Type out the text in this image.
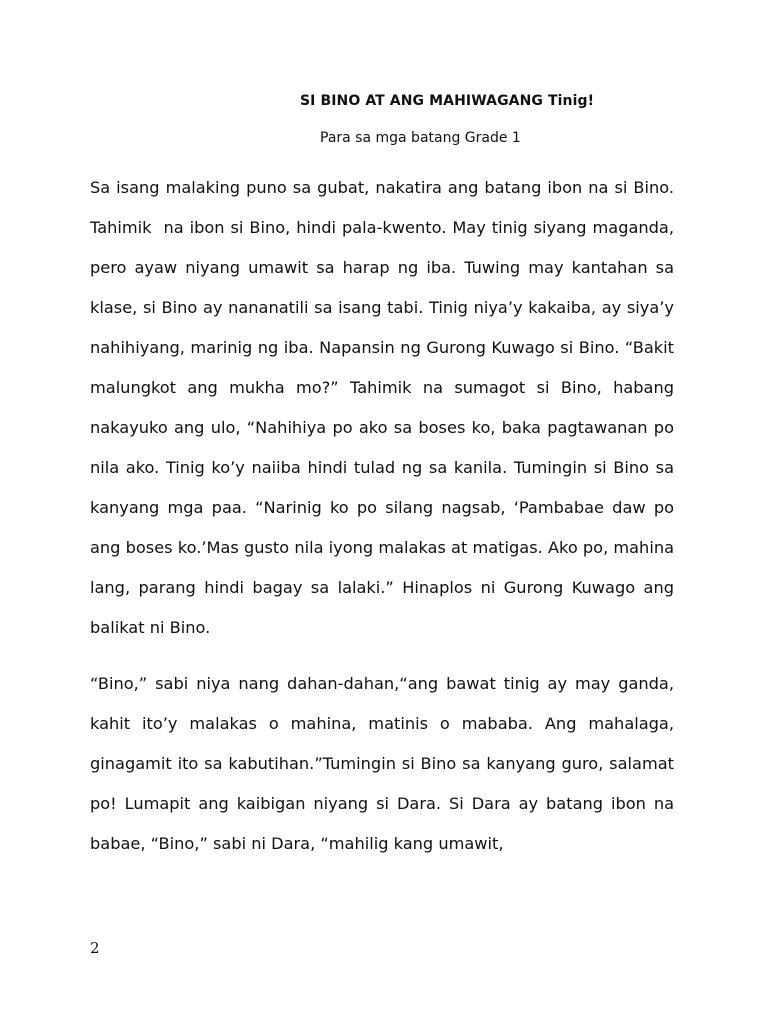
SI BINO AT ANG MAHIWAGANG Tinig!
Para sa mga batang Grade 1

Sa isang malaking puno sa gubat, nakatira ang batang ibon na si Bino. Tahimik  na ibon si Bino, hindi pala-kwento. May tinig siyang maganda, pero ayaw niyang umawit sa harap ng iba. Tuwing may kantahan sa klase, si Bino ay nananatili sa isang tabi. Tinig niya’y kakaiba, ay siya’y nahihiyang, marinig ng iba. Napansin ng Gurong Kuwago si Bino. “Bakit malungkot ang mukha mo?” Tahimik na sumagot si Bino, habang nakayuko ang ulo, “Nahihiya po ako sa boses ko, baka pagtawanan po nila ako. Tinig ko’y naiiba hindi tulad ng sa kanila. Tumingin si Bino sa kanyang mga paa. “Narinig ko po silang nagsab, ‘Pambabae daw po ang boses ko.’Mas gusto nila iyong malakas at matigas. Ako po, mahina lang, parang hindi bagay sa lalaki.” Hinaplos ni Gurong Kuwago ang balikat ni Bino.

“Bino,” sabi niya nang dahan-dahan,“ang bawat tinig ay may ganda, kahit ito’y malakas o mahina, matinis o mababa. Ang mahalaga, ginagamit ito sa kabutihan.”Tumingin si Bino sa kanyang guro, salamat po! Lumapit ang kaibigan niyang si Dara. Si Dara ay batang ibon na babae, “Bino,” sabi ni Dara, “mahilig kang umawit,

2
